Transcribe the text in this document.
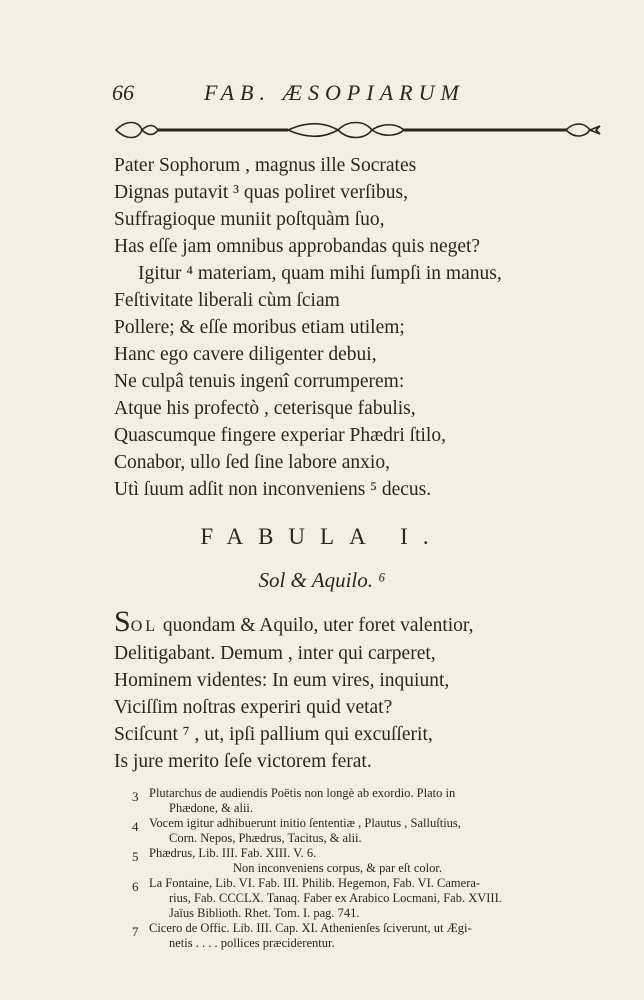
66	FAB. ÆSOPIARUM
Pater Sophorum , magnus ille Socrates
Dignas putavit ³ quas poliret verſibus,
Suffragioque muniit poſtquàm ſuo,
Has eſſe jam omnibus approbandas quis neget?
Igitur ⁴ materiam, quam mihi ſumpſi in manus,
Feſtivitate liberali cùm ſciam
Pollere; & eſſe moribus etiam utilem;
Hanc ego cavere diligenter debui,
Ne culpâ tenuis ingenî corrumperem:
Atque his profectò , ceterisque fabulis,
Quascumque fingere experiar Phædri ſtilo,
Conabor, ullo ſed ſine labore anxio,
Utì ſuum adſit non inconveniens ⁵ decus.
FABULA I.
Sol & Aquilo. ⁶
SOL quondam & Aquilo, uter foret valentior,
Delitigabant. Demum , inter qui carperet,
Hominem videntes: In eum vires, inquiunt,
Viciſſim noſtras experiri quid vetat?
Sciſcunt ⁷ , ut, ipſi pallium qui excuſſerit,
Is jure merito ſeſe victorem ferat.
3 Plutarchus de audiendis Poëtis non longè ab exordio. Plato in
Phædone, & alii.
4 Vocem igitur adhibuerunt initio ſententiæ , Plautus , Salluſtius,
Corn. Nepos, Phædrus, Tacitus, & alii.
5 Phædrus, Lib. III. Fab. XIII. V. 6.
Non inconveniens corpus, & par eſt color.
6 La Fontaine, Lib. VI. Fab. III. Philib. Hegemon, Fab. VI. Camera-
rius, Fab. CCCLX. Tanaq. Faber ex Arabico Locmani, Fab. XVIII.
Jaïus Biblioth. Rhet. Tom. I. pag. 741.
7 Cicero de Offic. Lib. III. Cap. XI. Athenienſes ſciverunt, ut Ægi-
netis . . . . pollices præciderentur.
